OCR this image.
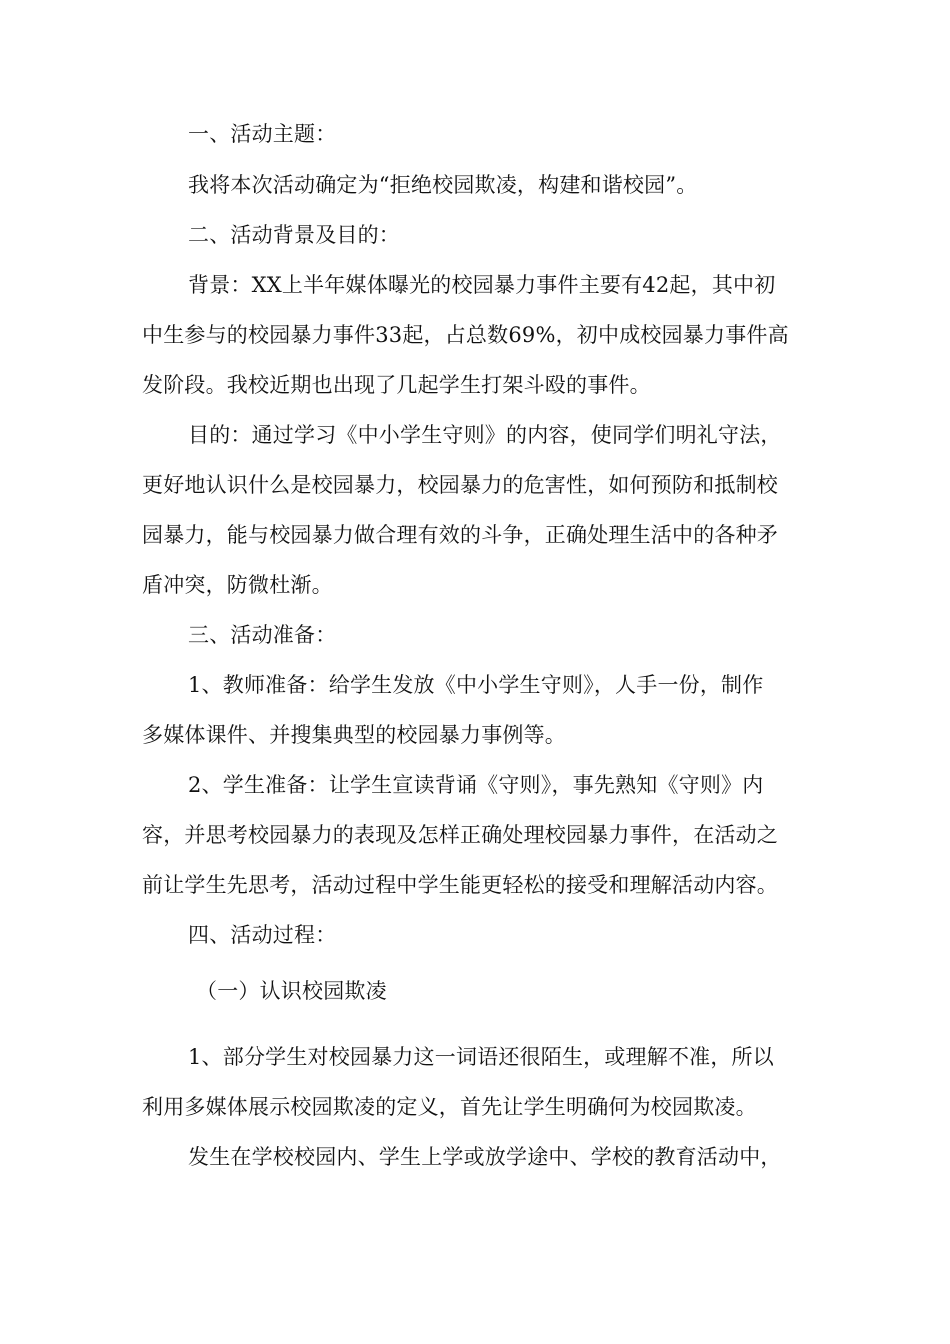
一、活动主题：
我将本次活动确定为“拒绝校园欺凌，构建和谐校园”。
二、活动背景及目的：
背景：XX上半年媒体曝光的校园暴力事件主要有42起，其中初
中生参与的校园暴力事件33起，占总数69%，初中成校园暴力事件高
发阶段。我校近期也出现了几起学生打架斗殴的事件。
目的：通过学习《中小学生守则》的内容，使同学们明礼守法，
更好地认识什么是校园暴力，校园暴力的危害性，如何预防和抵制校
园暴力，能与校园暴力做合理有效的斗争，正确处理生活中的各种矛
盾冲突，防微杜渐。
三、活动准备：
1、教师准备：给学生发放《中小学生守则》，人手一份，制作
多媒体课件、并搜集典型的校园暴力事例等。
2、学生准备：让学生宣读背诵《守则》，事先熟知《守则》内
容，并思考校园暴力的表现及怎样正确处理校园暴力事件，在活动之
前让学生先思考，活动过程中学生能更轻松的接受和理解活动内容。
四、活动过程：
（一）认识校园欺凌
1、部分学生对校园暴力这一词语还很陌生，或理解不准，所以
利用多媒体展示校园欺凌的定义，首先让学生明确何为校园欺凌。
发生在学校校园内、学生上学或放学途中、学校的教育活动中，
